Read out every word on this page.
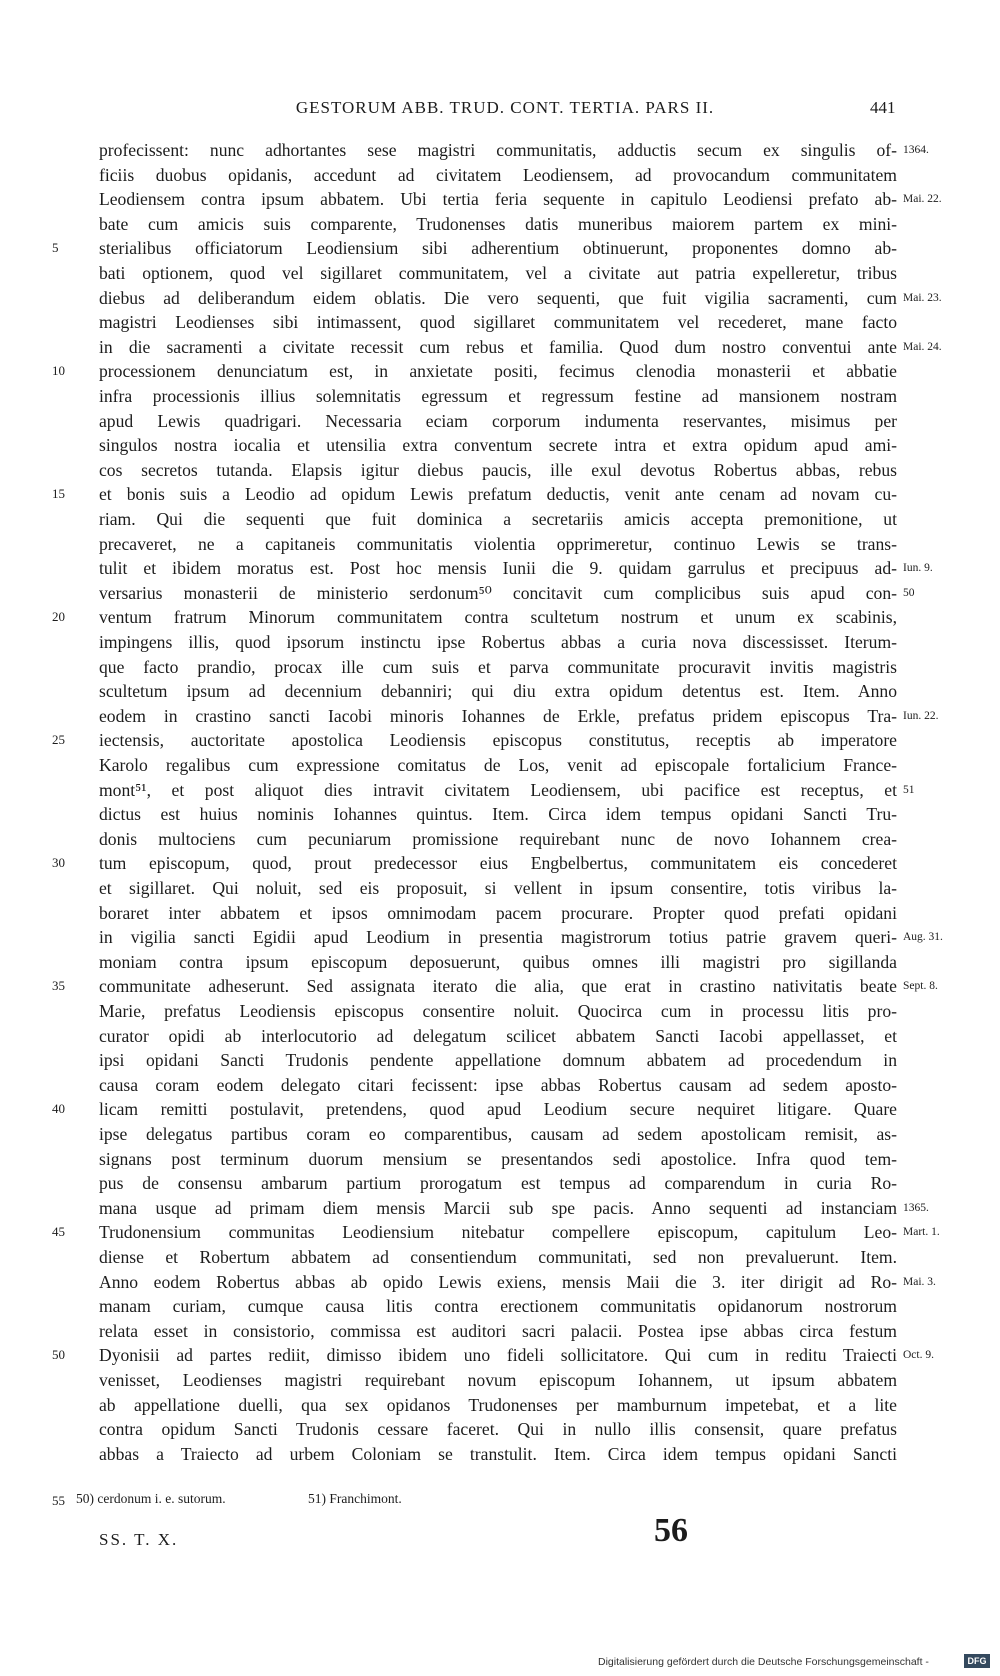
GESTORUM ABB. TRUD. CONT. TERTIA. PARS II.	441
profecissent: nunc adhortantes sese magistri communitatis, adductis secum ex singulis of-
ficiis duobus opidanis, accedunt ad civitatem Leodiensem, ad provocandum communitatem
Leodiensem contra ipsum abbatem. Ubi tertia feria sequente in capitulo Leodiensi prefato ab-
bate cum amicis suis comparente, Trudonenses datis muneribus maiorem partem ex mini-
sterialibus officiatorum Leodiensium sibi adherentium obtinuerunt, proponentes domno ab-
bati optionem, quod vel sigillaret communitatem, vel a civitate aut patria expelleretur, tribus
diebus ad deliberandum eidem oblatis. Die vero sequenti, que fuit vigilia sacramenti, cum
magistri Leodienses sibi intimassent, quod sigillaret communitatem vel recederet, mane facto
in die sacramenti a civitate recessit cum rebus et familia. Quod dum nostro conventui ante
processionem denunciatum est, in anxietate positi, fecimus clenodia monasterii et abbatie
infra processionis illius solemnitatis egressum et regressum festine ad mansionem nostram
apud Lewis quadrigari. Necessaria eciam corporum indumenta reservantes, misimus per
singulos nostra iocalia et utensilia extra conventum secrete intra et extra opidum apud ami-
cos secretos tutanda. Elapsis igitur diebus paucis, ille exul devotus Robertus abbas, rebus
et bonis suis a Leodio ad opidum Lewis prefatum deductis, venit ante cenam ad novam cu-
riam. Qui die sequenti que fuit dominica a secretariis amicis accepta premonitione, ut
precaveret, ne a capitaneis communitatis violentia opprimeretur, continuo Lewis se trans-
tulit et ibidem moratus est. Post hoc mensis Iunii die 9. quidam garrulus et precipuus ad-
versarius monasterii de ministerio serdonum⁵⁰ concitavit cum complicibus suis apud con-
ventum fratrum Minorum communitatem contra scultetum nostrum et unum ex scabinis,
impingens illis, quod ipsorum instinctu ipse Robertus abbas a curia nova discessisset. Iterum-
que facto prandio, procax ille cum suis et parva communitate procuravit invitis magistris
scultetum ipsum ad decennium debanniri; qui diu extra opidum detentus est. Item. Anno
eodem in crastino sancti Iacobi minoris Iohannes de Erkle, prefatus pridem episcopus Tra-
iectensis, auctoritate apostolica Leodiensis episcopus constitutus, receptis ab imperatore
Karolo regalibus cum expressione comitatus de Los, venit ad episcopale fortalicium France-
mont⁵¹, et post aliquot dies intravit civitatem Leodiensem, ubi pacifice est receptus, et
dictus est huius nominis Iohannes quintus. Item. Circa idem tempus opidani Sancti Tru-
donis multociens cum pecuniarum promissione requirebant nunc de novo Iohannem crea-
tum episcopum, quod, prout predecessor eius Engbelbertus, communitatem eis concederet
et sigillaret. Qui noluit, sed eis proposuit, si vellent in ipsum consentire, totis viribus la-
boraret inter abbatem et ipsos omnimodam pacem procurare. Propter quod prefati opidani
in vigilia sancti Egidii apud Leodium in presentia magistrorum totius patrie gravem queri-
moniam contra ipsum episcopum deposuerunt, quibus omnes illi magistri pro sigillanda
communitate adheserunt. Sed assignata iterato die alia, que erat in crastino nativitatis beate
Marie, prefatus Leodiensis episcopus consentire noluit. Quocirca cum in processu litis pro-
curator opidi ab interlocutorio ad delegatum scilicet abbatem Sancti Iacobi appellasset, et
ipsi opidani Sancti Trudonis pendente appellatione domnum abbatem ad procedendum in
causa coram eodem delegato citari fecissent: ipse abbas Robertus causam ad sedem aposto-
licam remitti postulavit, pretendens, quod apud Leodium secure nequiret litigare. Quare
ipse delegatus partibus coram eo comparentibus, causam ad sedem apostolicam remisit, as-
signans post terminum duorum mensium se presentandos sedi apostolice. Infra quod tem-
pus de consensu ambarum partium prorogatum est tempus ad comparendum in curia Ro-
mana usque ad primam diem mensis Marcii sub spe pacis. Anno sequenti ad instanciam
Trudonensium communitas Leodiensium nitebatur compellere episcopum, capitulum Leo-
diense et Robertum abbatem ad consentiendum communitati, sed non prevaluerunt. Item.
Anno eodem Robertus abbas ab opido Lewis exiens, mensis Maii die 3. iter dirigit ad Ro-
manam curiam, cumque causa litis contra erectionem communitatis opidanorum nostrorum
relata esset in consistorio, commissa est auditori sacri palacii. Postea ipse abbas circa festum
Dyonisii ad partes rediit, dimisso ibidem uno fideli sollicitatore. Qui cum in reditu Traiecti
venisset, Leodienses magistri requirebant novum episcopum Iohannem, ut ipsum abbatem
ab appellatione duelli, qua sex opidanos Trudonenses per mamburnum impetebat, et a lite
contra opidum Sancti Trudonis cessare faceret. Qui in nullo illis consensit, quare prefatus
abbas a Traiecto ad urbem Coloniam se transtulit. Item. Circa idem tempus opidani Sancti
5
10
15
20
25
30
35
40
45
50
1364.
Mai. 22.
Mai. 23.
Mai. 24.
Iun. 9.
50
Iun. 22.
51
Aug. 31.
Sept. 8.
1365.
Mart. 1.
Mai. 3.
Oct. 9.
55 50) cerdonum i. e. sutorum.	51) Franchimont.
SS. T. X.	56
Digitalisierung gefördert durch die Deutsche Forschungsgemeinschaft -	DFG
